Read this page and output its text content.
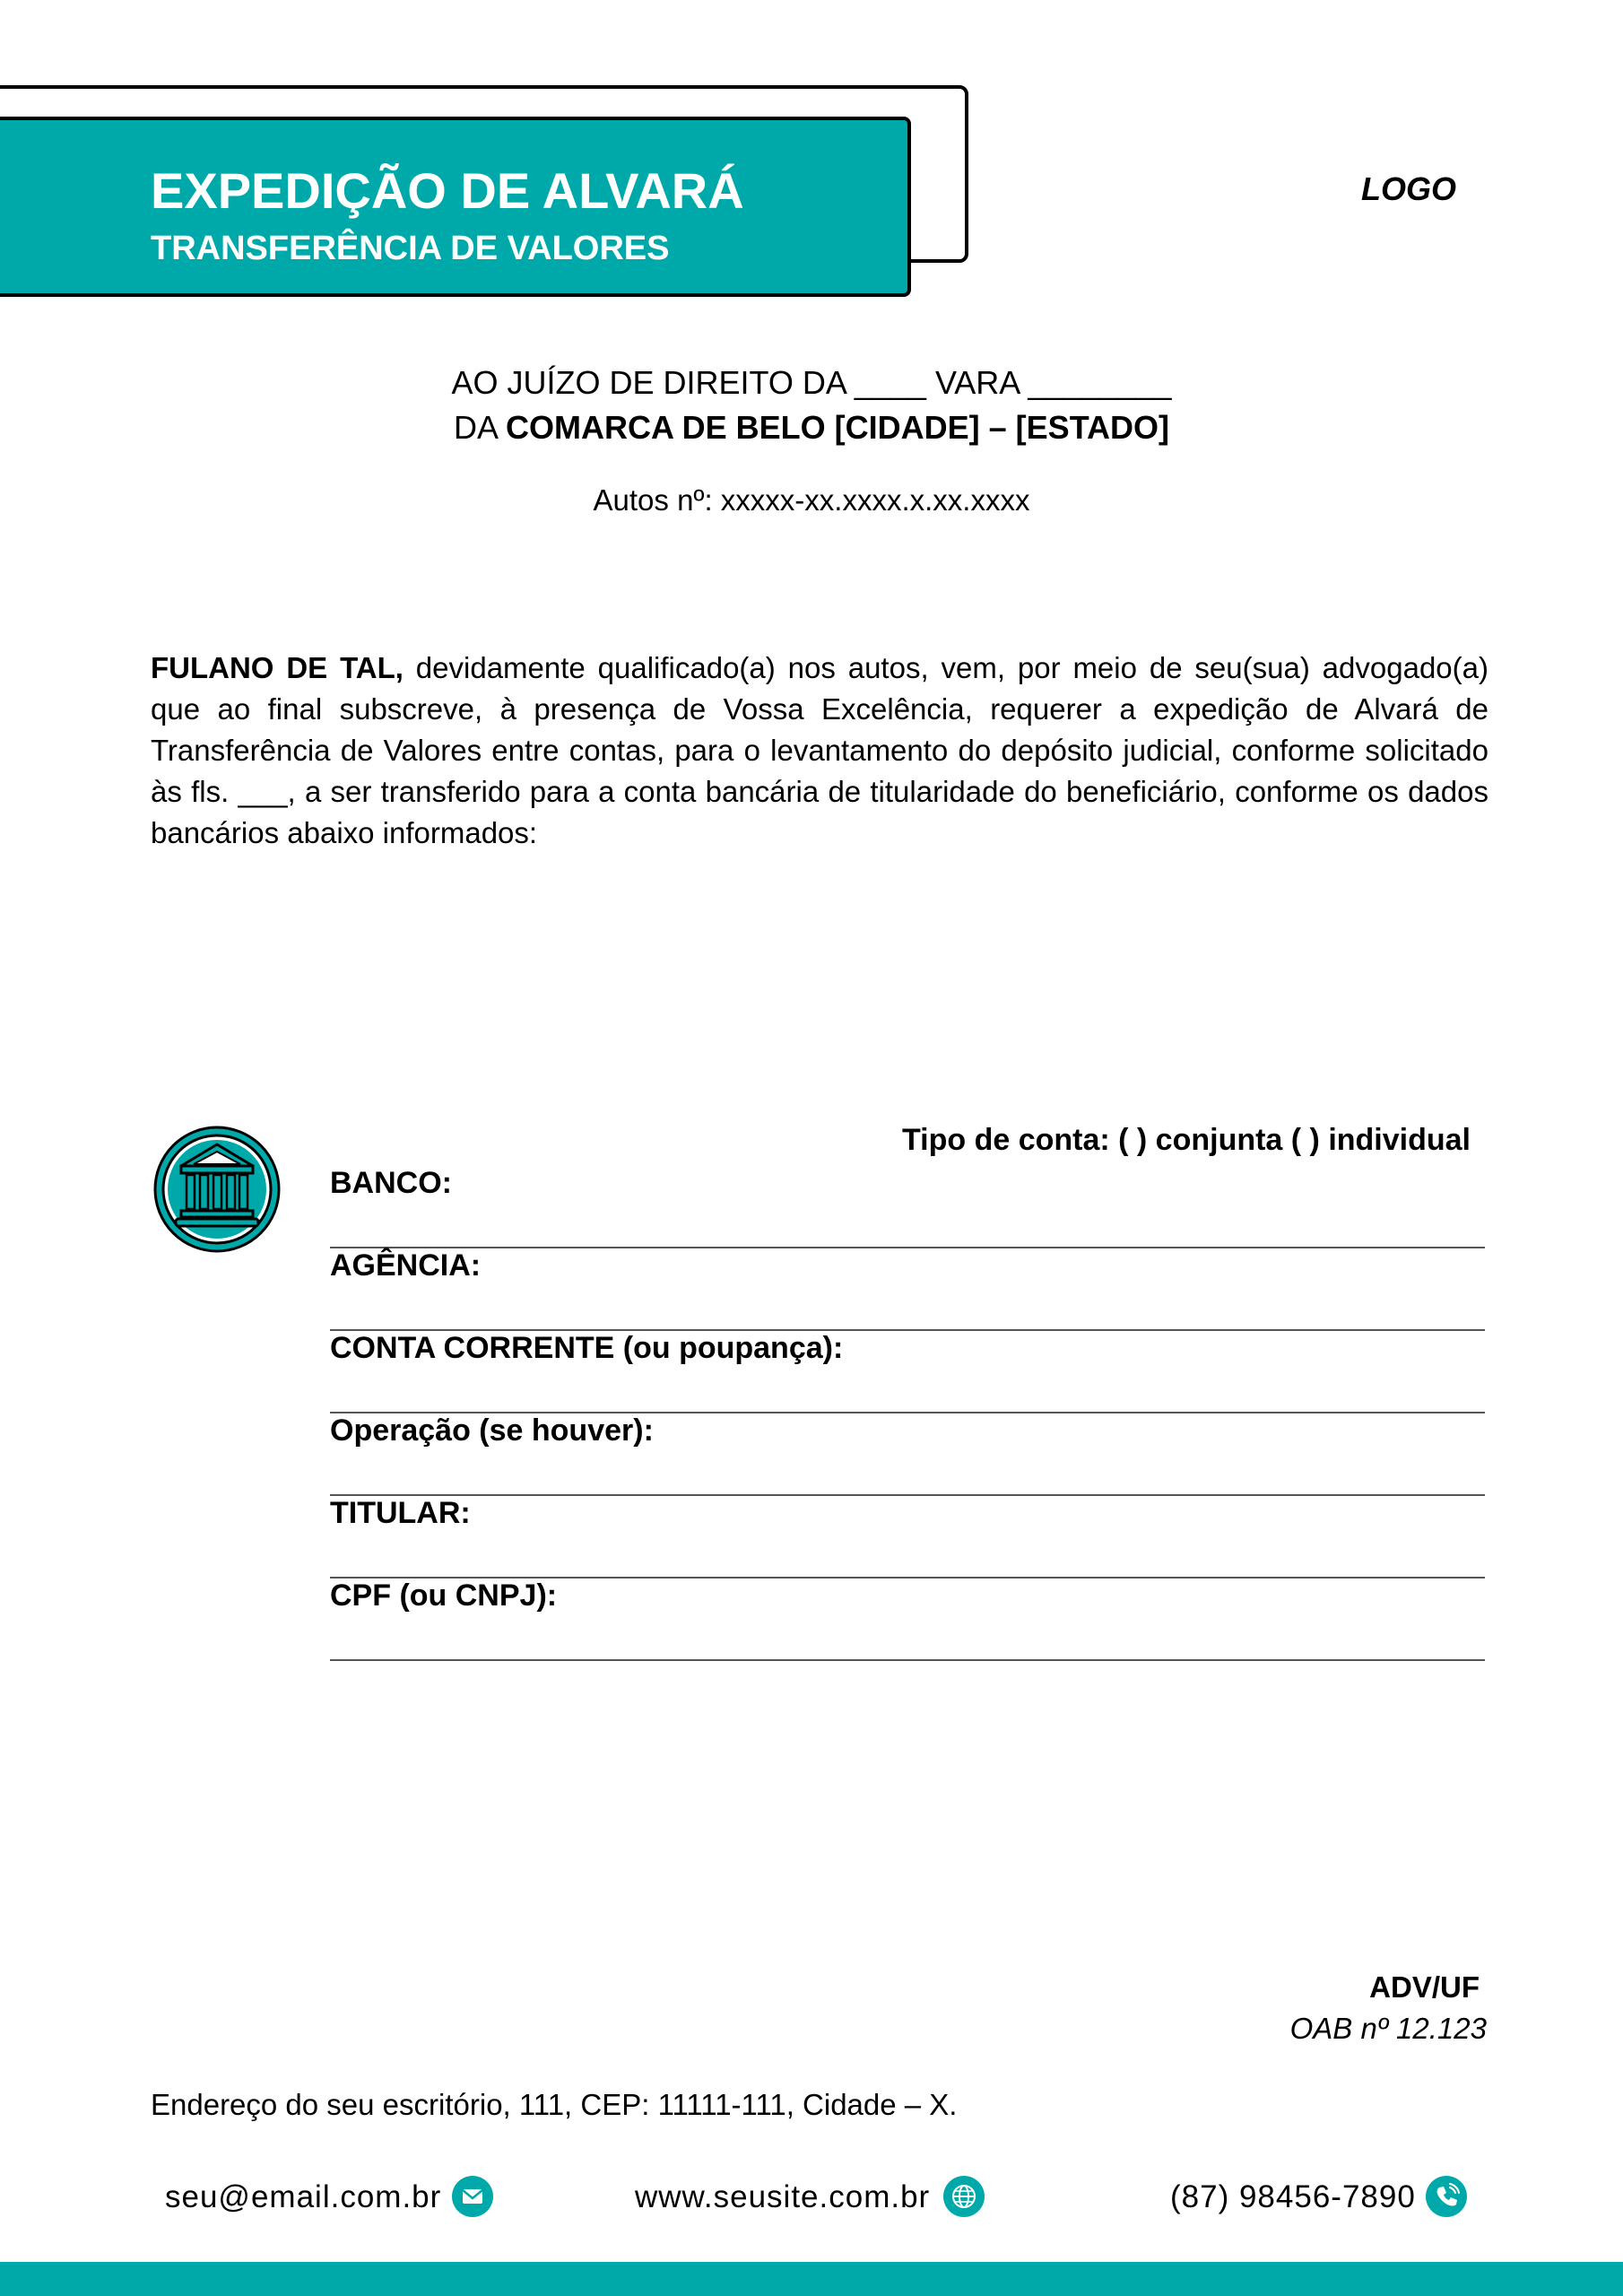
EXPEDIÇÃO DE ALVARÁ
TRANSFERÊNCIA DE VALORES
LOGO
AO JUÍZO DE DIREITO DA ____ VARA ________
DA COMARCA DE BELO [CIDADE] – [ESTADO]
Autos nº: xxxxx-xx.xxxx.x.xx.xxxx
FULANO DE TAL, devidamente qualificado(a) nos autos, vem, por meio de seu(sua) advogado(a) que ao final subscreve, à presença de Vossa Excelência, requerer a expedição de Alvará de Transferência de Valores entre contas, para o levantamento do depósito judicial, conforme solicitado às fls. ___, a ser transferido para a conta bancária de titularidade do beneficiário, conforme os dados bancários abaixo informados:
Tipo de conta: ( ) conjunta ( ) individual
BANCO:
AGÊNCIA:
CONTA CORRENTE (ou poupança):
Operação (se houver):
TITULAR:
CPF (ou CNPJ):
ADV/UF
OAB nº 12.123
Endereço do seu escritório, 111, CEP: 11111-111, Cidade – X.
seu@email.com.br	www.seusite.com.br	(87) 98456-7890
